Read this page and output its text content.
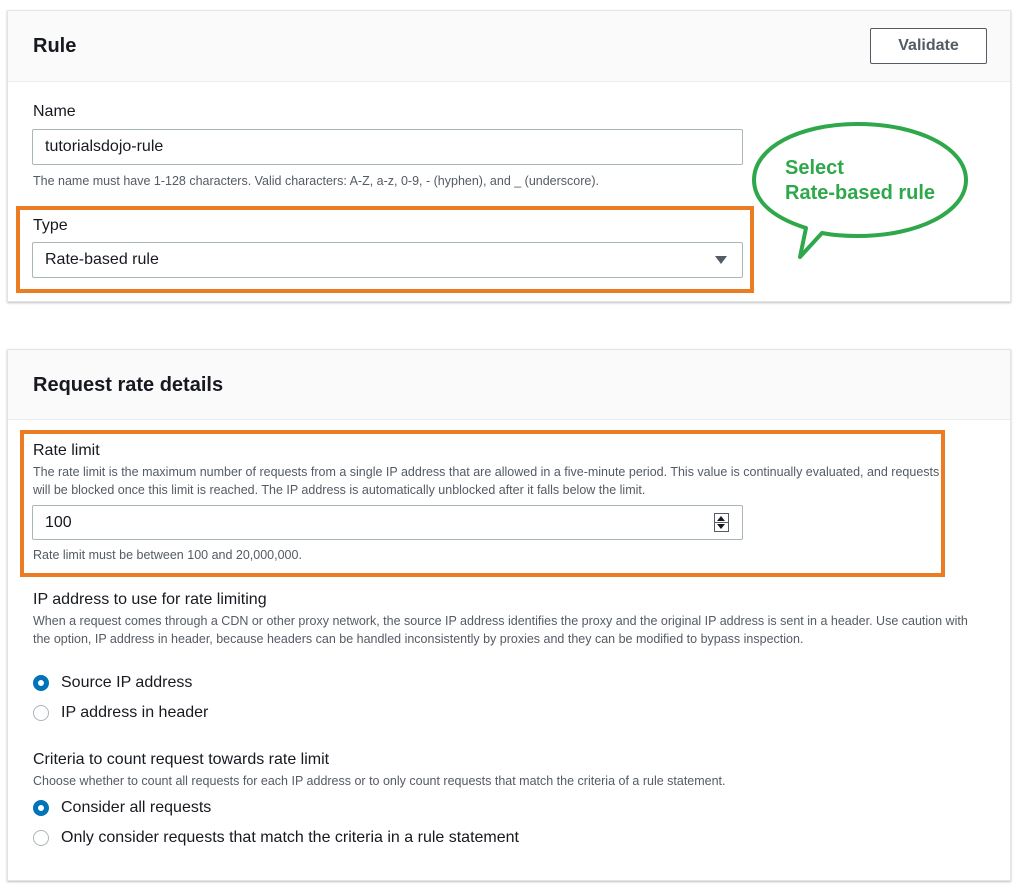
Rule	Validate
Name
tutorialsdojo-rule
The name must have 1-128 characters. Valid characters: A-Z, a-z, 0-9, - (hyphen), and _ (underscore).
Type
Rate-based rule
Select
Rate-based rule
Request rate details
Rate limit
The rate limit is the maximum number of requests from a single IP address that are allowed in a five-minute period. This value is continually evaluated, and requests will be blocked once this limit is reached. The IP address is automatically unblocked after it falls below the limit.
100
Rate limit must be between 100 and 20,000,000.
IP address to use for rate limiting
When a request comes through a CDN or other proxy network, the source IP address identifies the proxy and the original IP address is sent in a header. Use caution with the option, IP address in header, because headers can be handled inconsistently by proxies and they can be modified to bypass inspection.
Source IP address
IP address in header
Criteria to count request towards rate limit
Choose whether to count all requests for each IP address or to only count requests that match the criteria of a rule statement.
Consider all requests
Only consider requests that match the criteria in a rule statement
